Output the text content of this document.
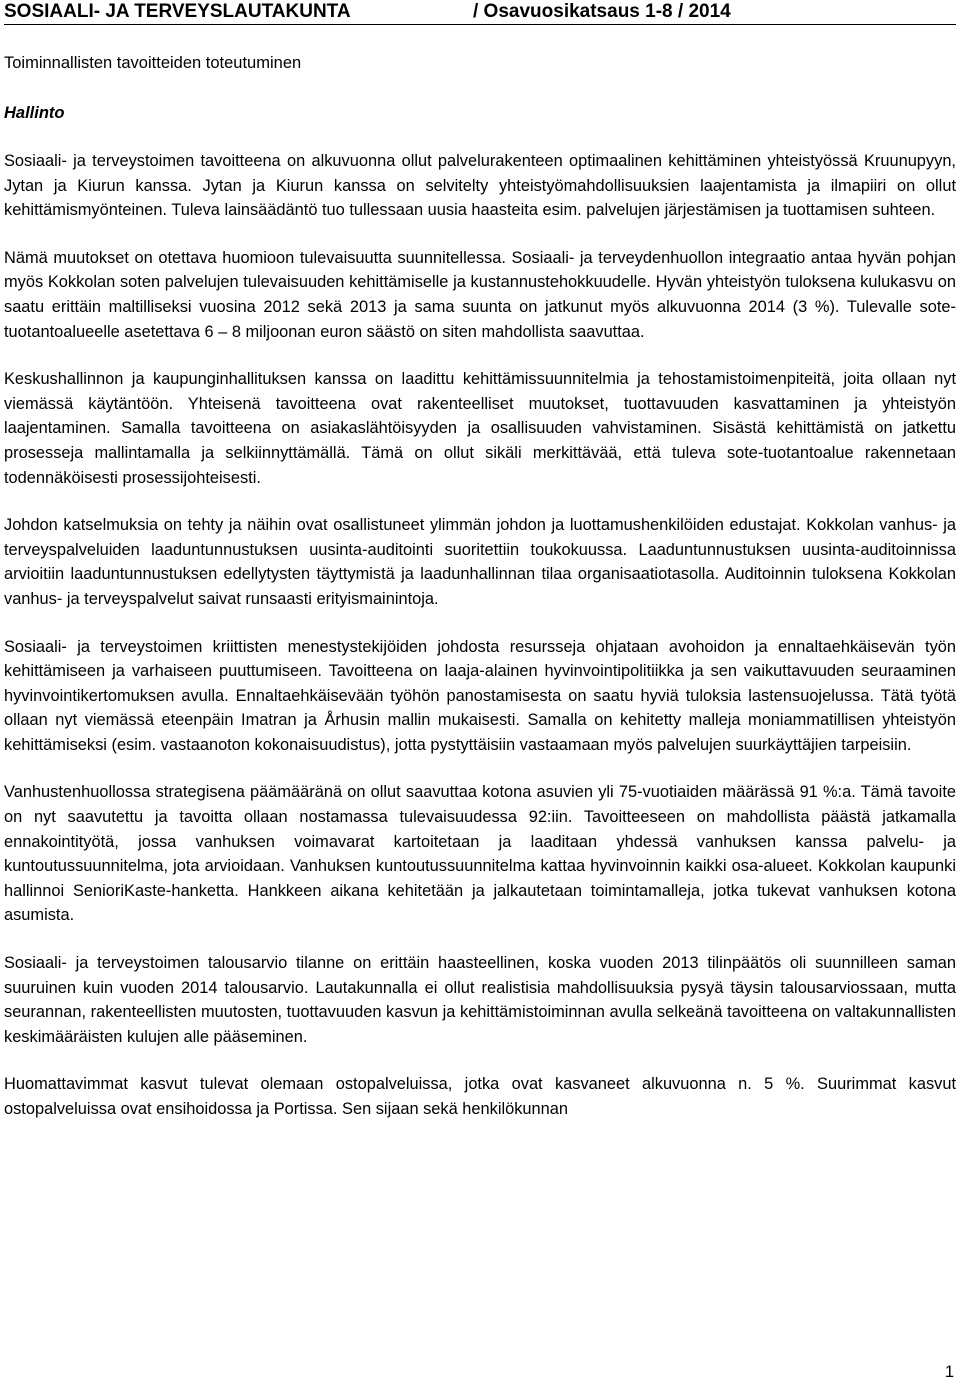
SOSIAALI- JA TERVEYSLAUTAKUNTA	/ Osavuosikatsaus 1-8 / 2014
Toiminnallisten tavoitteiden toteutuminen
Hallinto

Sosiaali- ja terveystoimen tavoitteena on alkuvuonna ollut palvelurakenteen optimaalinen kehittäminen yhteistyössä Kruunupyyn, Jytan ja Kiurun kanssa. Jytan ja Kiurun kanssa on selvitelty yhteistyömahdollisuuksien laajentamista ja ilmapiiri on ollut kehittämismyönteinen. Tuleva lainsäädäntö tuo tullessaan uusia haasteita esim. palvelujen järjestämisen ja tuottamisen suhteen.

Nämä muutokset on otettava huomioon tulevaisuutta suunnitellessa. Sosiaali- ja terveydenhuollon integraatio antaa hyvän pohjan myös Kokkolan soten palvelujen tulevaisuuden kehittämiselle ja kustannustehokkuudelle. Hyvän yhteistyön tuloksena kulukasvu on saatu erittäin maltilliseksi vuosina 2012 sekä 2013 ja sama suunta on jatkunut myös alkuvuonna 2014 (3 %). Tulevalle sotetuotantoalueelle asetettava 6 – 8 miljoonan euron säästö on siten mahdollista saavuttaa.

Keskushallinnon ja kaupunginhallituksen kanssa on laadittu kehittämissuunnitelmia ja tehostamistoimenpiteitä, joita ollaan nyt viemässä käytäntöön. Yhteisenä tavoitteena ovat rakenteelliset muutokset, tuottavuuden kasvattaminen ja yhteistyön laajentaminen. Samalla tavoitteena on asiakaslähtöisyyden ja osallisuuden vahvistaminen. Sisästä kehittämistä on jatkettu prosesseja mallintamalla ja selkiinnyttämällä. Tämä on ollut sikäli merkittävää, että tuleva sote-tuotantoalue rakennetaan todennäköisesti prosessijohteisesti.

Johdon katselmuksia on tehty ja näihin ovat osallistuneet ylimmän johdon ja luottamushenkilöiden edustajat. Kokkolan vanhus- ja terveyspalveluiden laaduntunnustuksen uusinta-auditointi suoritettiin toukokuussa. Laaduntunnustuksen uusinta-auditoinnissa arvioitiin laaduntunnustuksen edellytysten täyttymistä ja laadunhallinnan tilaa organisaatiotasolla. Auditoinnin tuloksena Kokkolan vanhus- ja terveyspalvelut saivat runsaasti erityismainintoja.

Sosiaali- ja terveystoimen kriittisten menestystekijöiden johdosta resursseja ohjataan avohoidon ja ennaltaehkäisevän työn kehittämiseen ja varhaiseen puuttumiseen. Tavoitteena on laaja-alainen hyvinvointipolitiikka ja sen vaikuttavuuden seuraaminen hyvinvointikertomuksen avulla. Ennaltaehkäisevään työhön panostamisesta on saatu hyviä tuloksia lastensuojelussa. Tätä työtä ollaan nyt viemässä eteenpäin Imatran ja Århusin mallin mukaisesti. Samalla on kehitetty malleja moniammatillisen yhteistyön kehittämiseksi (esim. vastaanoton kokonaisuudistus), jotta pystyttäisiin vastaamaan myös palvelujen suurkäyttäjien tarpeisiin.

Vanhustenhuollossa strategisena päämääränä on ollut saavuttaa kotona asuvien yli 75-vuotiaiden määrässä 91 %:a. Tämä tavoite on nyt saavutettu ja tavoitta ollaan nostamassa tulevaisuudessa 92:iin. Tavoitteeseen on mahdollista päästä jatkamalla ennakointityötä, jossa vanhuksen voimavarat kartoitetaan ja laaditaan yhdessä vanhuksen kanssa palvelu- ja kuntoutussuunnitelma, jota arvioidaan. Vanhuksen kuntoutussuunnitelma kattaa hyvinvoinnin kaikki osa-alueet. Kokkolan kaupunki hallinnoi SenioriKaste-hanketta. Hankkeen aikana kehitetään ja jalkautetaan toimintamalleja, jotka tukevat vanhuksen kotona asumista.

Sosiaali- ja terveystoimen talousarvio tilanne on erittäin haasteellinen, koska vuoden 2013 tilinpäätös oli suunnilleen saman suuruinen kuin vuoden 2014 talousarvio. Lautakunnalla ei ollut realistisia mahdollisuuksia pysyä täysin talousarviossaan, mutta seurannan, rakenteellisten muutosten, tuottavuuden kasvun ja kehittämistoiminnan avulla selkeänä tavoitteena on valtakunnallisten keskimääräisten kulujen alle pääseminen.

Huomattavimmat kasvut tulevat olemaan ostopalveluissa, jotka ovat kasvaneet alkuvuonna n. 5 %. Suurimmat kasvut ostopalveluissa ovat ensihoidossa ja Portissa. Sen sijaan sekä henkilökunnan

1
